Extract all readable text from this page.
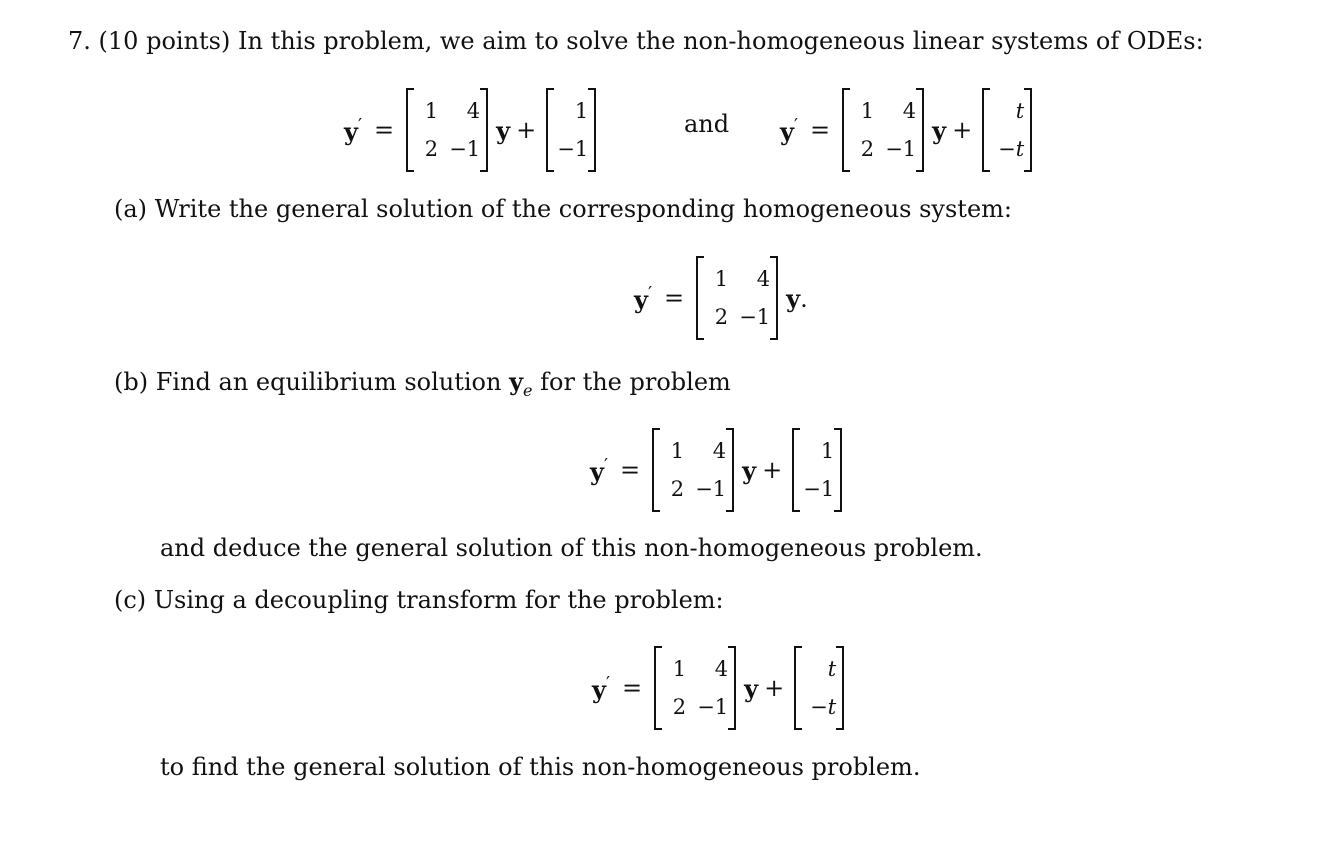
7. (10 points) In this problem, we aim to solve the non-homogeneous linear systems of ODEs:
y′ =
1	4
2 −1
y +
1
−1
and y′ =
1	4
2 −1
y +
t
−t
(a) Write the general solution of the corresponding homogeneous system:
y′ =
1	4
2 −1
y.
(b) Find an equilibrium solution $y_e$ for the problem
y′ =
1	4
2 −1
y +
1
−1
and deduce the general solution of this non-homogeneous problem.
(c) Using a decoupling transform for the problem:
y′ =
1	4
2 −1
y +
t
−t
to find the general solution of this non-homogeneous problem.
